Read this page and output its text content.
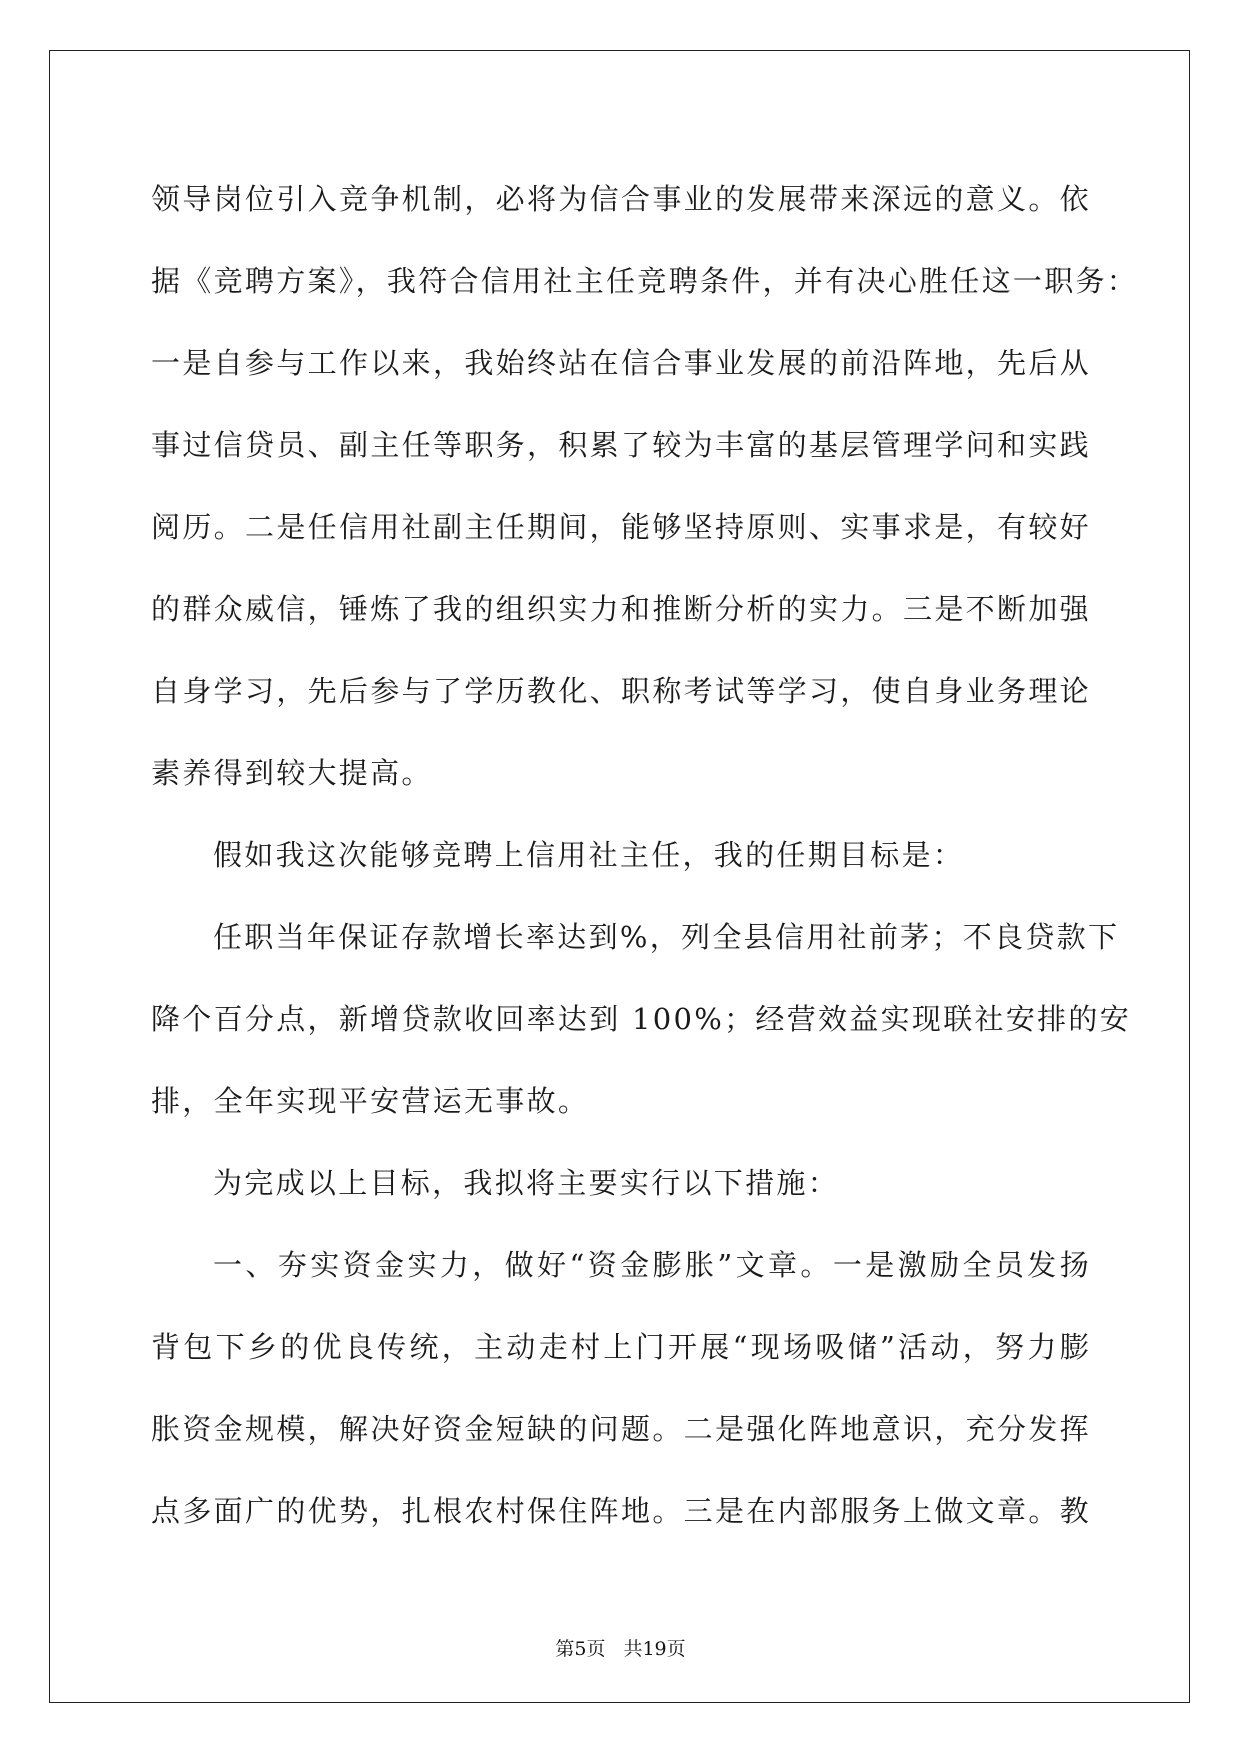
领导岗位引入竞争机制，必将为信合事业的发展带来深远的意义。依
据《竞聘方案》，我符合信用社主任竞聘条件，并有决心胜任这一职务：
一是自参与工作以来，我始终站在信合事业发展的前沿阵地，先后从
事过信贷员、副主任等职务，积累了较为丰富的基层管理学问和实践
阅历。二是任信用社副主任期间，能够坚持原则、实事求是，有较好
的群众威信，锤炼了我的组织实力和推断分析的实力。三是不断加强
自身学习，先后参与了学历教化、职称考试等学习，使自身业务理论
素养得到较大提高。
假如我这次能够竞聘上信用社主任，我的任期目标是：
任职当年保证存款增长率达到%，列全县信用社前茅；不良贷款下
降个百分点，新增贷款收回率达到 100%；经营效益实现联社安排的安
排，全年实现平安营运无事故。
为完成以上目标，我拟将主要实行以下措施：
一、夯实资金实力，做好“资金膨胀”文章。一是激励全员发扬
背包下乡的优良传统，主动走村上门开展“现场吸储”活动，努力膨
胀资金规模，解决好资金短缺的问题。二是强化阵地意识，充分发挥
点多面广的优势，扎根农村保住阵地。三是在内部服务上做文章。教
第5页 共19页
